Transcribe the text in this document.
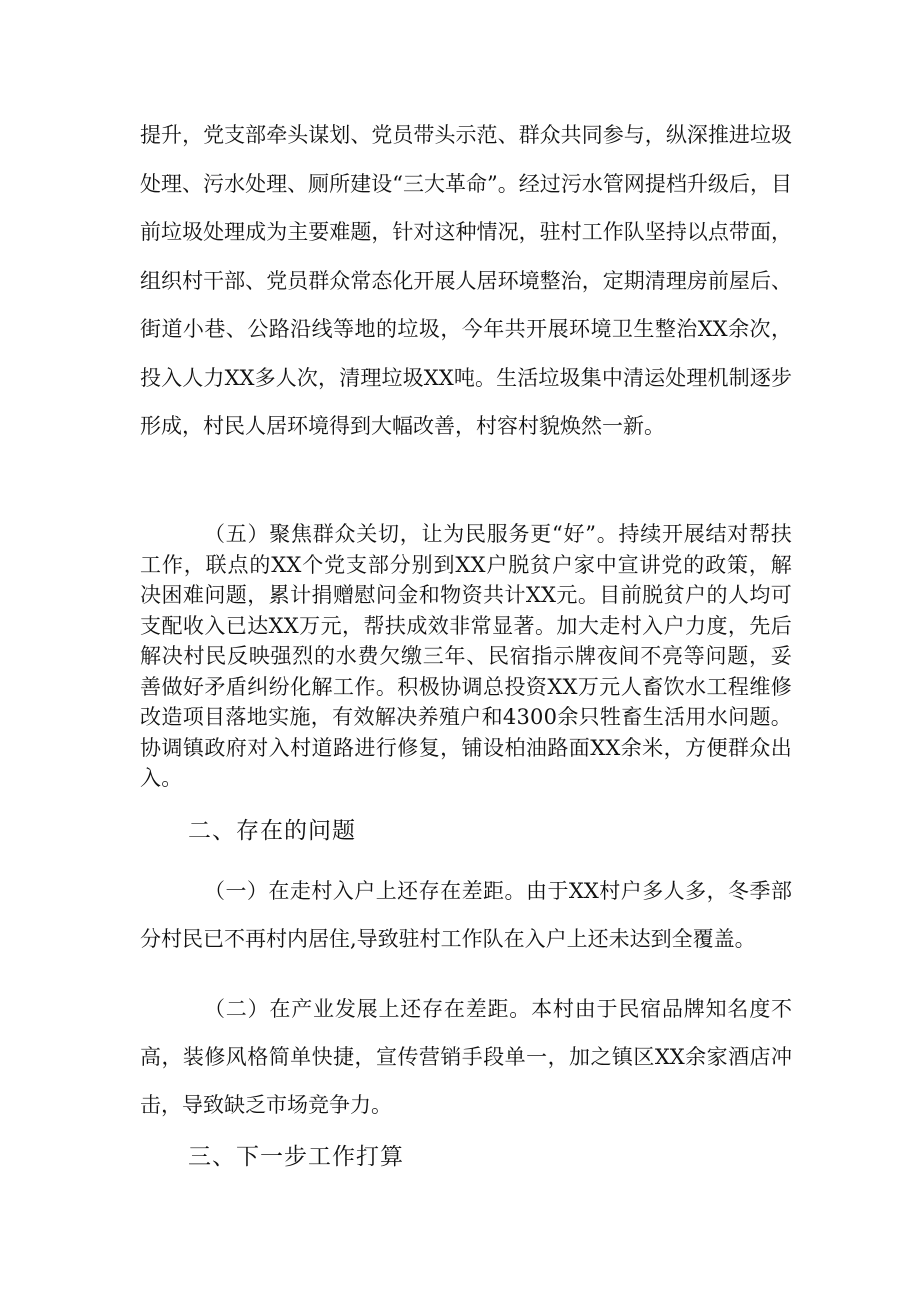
提升，党支部牵头谋划、党员带头示范、群众共同参与，纵深推进垃圾处理、污水处理、厕所建设“三大革命”。经过污水管网提档升级后，目前垃圾处理成为主要难题，针对这种情况，驻村工作队坚持以点带面，组织村干部、党员群众常态化开展人居环境整治，定期清理房前屋后、街道小巷、公路沿线等地的垃圾，今年共开展环境卫生整治XX余次，投入人力XX多人次，清理垃圾XX吨。生活垃圾集中清运处理机制逐步形成，村民人居环境得到大幅改善，村容村貌焕然一新。

（五）聚焦群众关切，让为民服务更“好”。持续开展结对帮扶工作，联点的XX个党支部分别到XX户脱贫户家中宣讲党的政策，解决困难问题，累计捐赠慰问金和物资共计XX元。目前脱贫户的人均可支配收入已达XX万元，帮扶成效非常显著。加大走村入户力度，先后解决村民反映强烈的水费欠缴三年、民宿指示牌夜间不亮等问题，妥善做好矛盾纠纷化解工作。积极协调总投资XX万元人畜饮水工程维修改造项目落地实施，有效解决养殖户和4300余只牲畜生活用水问题。协调镇政府对入村道路进行修复，铺设柏油路面XX余米，方便群众出入。

二、存在的问题

（一）在走村入户上还存在差距。由于XX村户多人多，冬季部分村民已不再村内居住,导致驻村工作队在入户上还未达到全覆盖。

（二）在产业发展上还存在差距。本村由于民宿品牌知名度不高，装修风格简单快捷，宣传营销手段单一，加之镇区XX余家酒店冲击，导致缺乏市场竞争力。

三、下一步工作打算
